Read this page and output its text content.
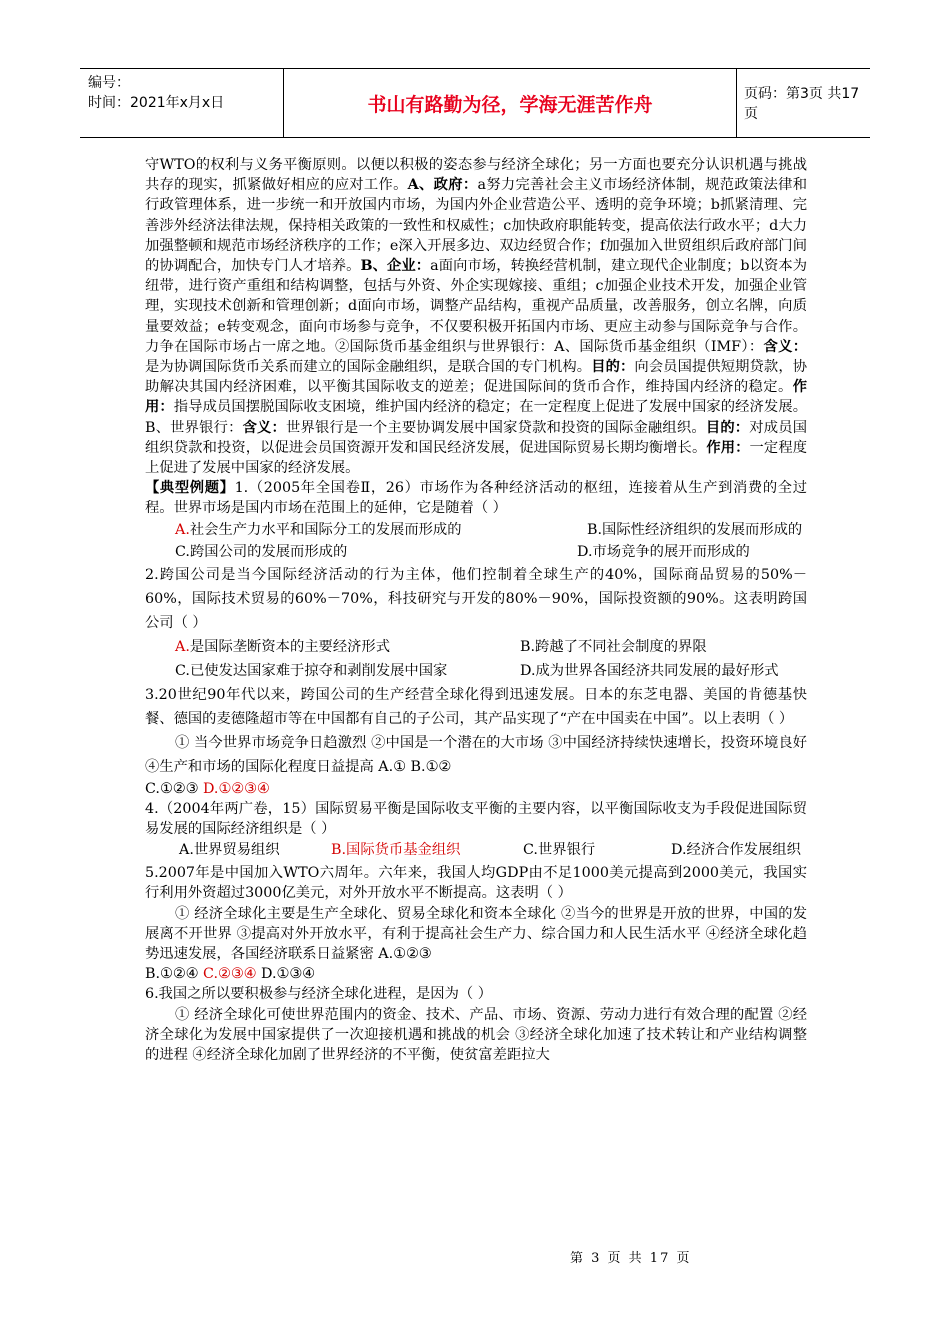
编号：
时间：2021年x月x日	书山有路勤为径，学海无涯苦作舟	页码：第3页 共17页

守WTO的权利与义务平衡原则。以便以积极的姿态参与经济全球化；另一方面也要充分认识机遇与挑战共存的现实，抓紧做好相应的应对工作。A、政府：a努力完善社会主义市场经济体制，规范政策法律和行政管理体系，进一步统一和开放国内市场，为国内外企业营造公平、透明的竞争环境；b抓紧清理、完善涉外经济法律法规，保持相关政策的一致性和权威性；c加快政府职能转变，提高依法行政水平；d大力加强整顿和规范市场经济秩序的工作；e深入开展多边、双边经贸合作；f加强加入世贸组织后政府部门间的协调配合，加快专门人才培养。B、企业：a面向市场，转换经营机制，建立现代企业制度；b以资本为纽带，进行资产重组和结构调整，包括与外资、外企实现嫁接、重组；c加强企业技术开发，加强企业管理，实现技术创新和管理创新；d面向市场，调整产品结构，重视产品质量，改善服务，创立名牌，向质量要效益；e转变观念，面向市场参与竞争，不仅要积极开拓国内市场、更应主动参与国际竞争与合作。力争在国际市场占一席之地。②国际货币基金组织与世界银行：A、国际货币基金组织（IMF）：含义：是为协调国际货币关系而建立的国际金融组织，是联合国的专门机构。目的：向会员国提供短期贷款，协助解决其国内经济困难，以平衡其国际收支的逆差；促进国际间的货币合作，维持国内经济的稳定。作用：指导成员国摆脱国际收支困境，维护国内经济的稳定；在一定程度上促进了发展中国家的经济发展。B、世界银行：含义：世界银行是一个主要协调发展中国家贷款和投资的国际金融组织。目的：对成员国组织贷款和投资，以促进会员国资源开发和国民经济发展，促进国际贸易长期均衡增长。作用：一定程度上促进了发展中国家的经济发展。

【典型例题】1.（2005年全国卷Ⅱ，26）市场作为各种经济活动的枢纽，连接着从生产到消费的全过程。世界市场是国内市场在范围上的延伸，它是随着（ ）

A.社会生产力水平和国际分工的发展而形成的	B.国际性经济组织的发展而形成的

C.跨国公司的发展而形成的	D.市场竞争的展开而形成的

2.跨国公司是当今国际经济活动的行为主体，他们控制着全球生产的40%，国际商品贸易的50%－60%，国际技术贸易的60%－70%，科技研究与开发的80%－90%，国际投资额的90%。这表明跨国公司（ ）

A.是国际垄断资本的主要经济形式	B.跨越了不同社会制度的界限

C.已使发达国家难于掠夺和剥削发展中国家	D.成为世界各国经济共同发展的最好形式

3.20世纪90年代以来，跨国公司的生产经营全球化得到迅速发展。日本的东芝电器、美国的肯德基快餐、德国的麦德隆超市等在中国都有自己的子公司，其产品实现了“产在中国卖在中国”。以上表明（ ）

① 当今世界市场竞争日趋激烈 ②中国是一个潜在的大市场 ③中国经济持续快速增长，投资环境良好 ④生产和市场的国际化程度日益提高 A.① B.①②

C.①②③ D.①②③④

4.（2004年两广卷，15）国际贸易平衡是国际收支平衡的主要内容，以平衡国际收支为手段促进国际贸易发展的国际经济组织是（ ）

A.世界贸易组织	B.国际货币基金组织	C.世界银行	D.经济合作发展组织

5.2007年是中国加入WTO六周年。六年来，我国人均GDP由不足1000美元提高到2000美元，我国实行利用外资超过3000亿美元，对外开放水平不断提高。这表明（ ）

① 经济全球化主要是生产全球化、贸易全球化和资本全球化 ②当今的世界是开放的世界，中国的发展离不开世界 ③提高对外开放水平，有利于提高社会生产力、综合国力和人民生活水平 ④经济全球化趋势迅速发展，各国经济联系日益紧密 A.①②③

B.①②④ C.②③④ D.①③④

6.我国之所以要积极参与经济全球化进程，是因为（ ）

① 经济全球化可使世界范围内的资金、技术、产品、市场、资源、劳动力进行有效合理的配置 ②经济全球化为发展中国家提供了一次迎接机遇和挑战的机会 ③经济全球化加速了技术转让和产业结构调整的进程 ④经济全球化加剧了世界经济的不平衡，使贫富差距拉大

第 3 页 共 17 页
